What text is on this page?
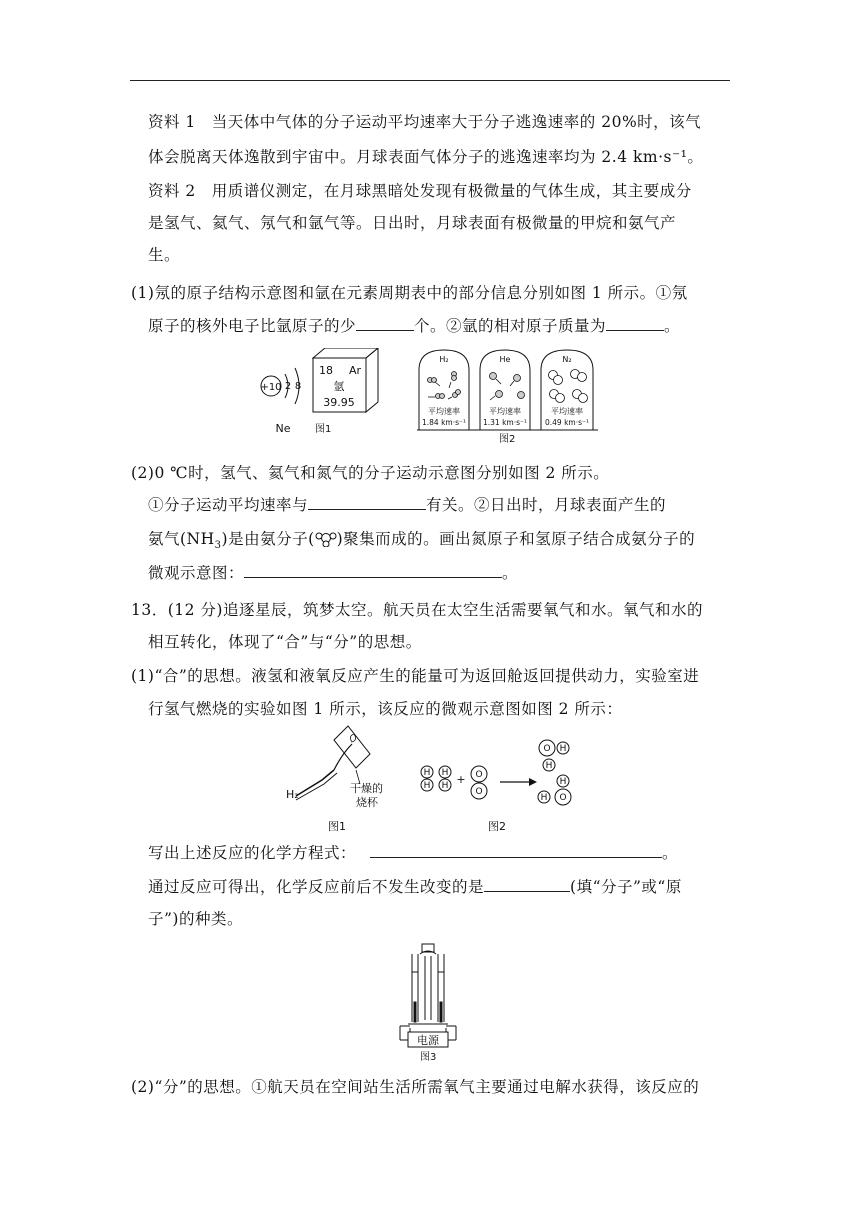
资料 1　当天体中气体的分子运动平均速率大于分子逃逸速率的 20%时，该气
体会脱离天体逸散到宇宙中。月球表面气体分子的逃逸速率均为 2.4 km·s⁻¹。
资料 2　用质谱仪测定，在月球黑暗处发现有极微量的气体生成，其主要成分
是氢气、氦气、氖气和氩气等。日出时，月球表面有极微量的甲烷和氨气产
生。
(1)氖的原子结构示意图和氩在元素周期表中的部分信息分别如图 1 所示。①氖
原子的核外电子比氩原子的少	个。②氩的相对原子质量为	。
+10 2 8
Ne
18 Ar
氩
39.95
图1
H₂
平均速率
1.84 km·s⁻¹
He
平均速率
1.31 km·s⁻¹
N₂
平均速率
0.49 km·s⁻¹
图2
(2)0 ℃时，氢气、氦气和氮气的分子运动示意图分别如图 2 所示。
①分子运动平均速率与	有关。②日出时，月球表面产生的
氨气$(NH_3)$是由氨分子( )聚集而成的。画出氮原子和氢原子结合成氨分子的
微观示意图：	。
13．(12 分)追逐星辰，筑梦太空。航天员在太空生活需要氧气和水。氧气和水的
相互转化，体现了“合”与“分”的思想。
(1)“合”的思想。液氢和液氧反应产生的能量可为返回舱返回提供动力，实验室进
行氢气燃烧的实验如图 1 所示，该反应的微观示意图如图 2 所示：
H₂	干燥的
烧杯
图1
H
H
H
H + O
O
O H
H
H
H O
图2
写出上述反应的化学方程式：	。
通过反应可得出，化学反应前后不发生改变的是	(填“分子”或“原
子”)的种类。
电源
图3
(2)“分”的思想。①航天员在空间站生活所需氧气主要通过电解水获得，该反应的
